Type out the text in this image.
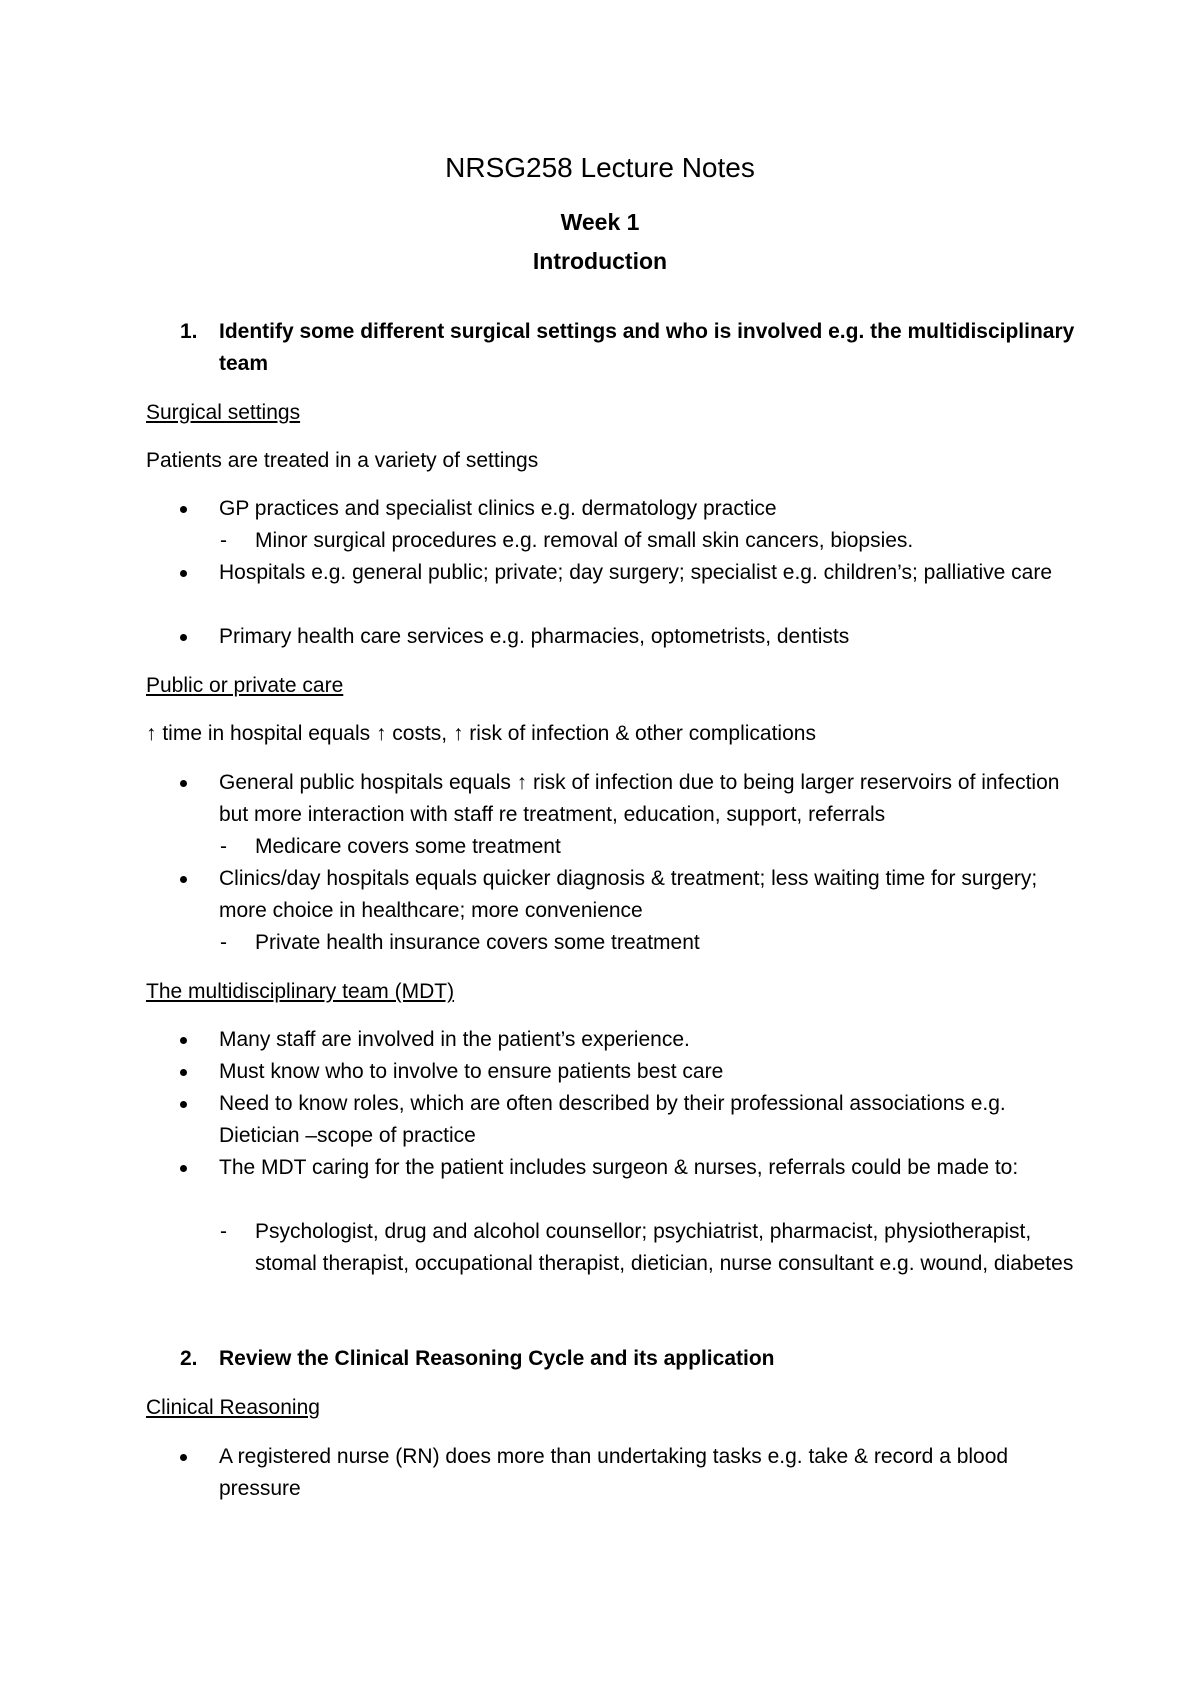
NRSG258 Lecture Notes
Week 1
Introduction
1. Identify some different surgical settings and who is involved e.g. the multidisciplinary team
Surgical settings
Patients are treated in a variety of settings
GP practices and specialist clinics e.g. dermatology practice
- Minor surgical procedures e.g. removal of small skin cancers, biopsies.
Hospitals e.g. general public; private; day surgery; specialist e.g. children’s; palliative care
Primary health care services e.g. pharmacies, optometrists, dentists
Public or private care
↑ time in hospital equals ↑ costs, ↑ risk of infection & other complications
General public hospitals equals ↑ risk of infection due to being larger reservoirs of infection but more interaction with staff re treatment, education, support, referrals
- Medicare covers some treatment
Clinics/day hospitals equals quicker diagnosis & treatment; less waiting time for surgery; more choice in healthcare; more convenience
- Private health insurance covers some treatment
The multidisciplinary team (MDT)
Many staff are involved in the patient’s experience.
Must know who to involve to ensure patients best care
Need to know roles, which are often described by their professional associations e.g. Dietician –scope of practice
The MDT caring for the patient includes surgeon & nurses, referrals could be made to:
- Psychologist, drug and alcohol counsellor; psychiatrist, pharmacist, physiotherapist, stomal therapist, occupational therapist, dietician, nurse consultant e.g. wound, diabetes
2. Review the Clinical Reasoning Cycle and its application
Clinical Reasoning
A registered nurse (RN) does more than undertaking tasks e.g. take & record a blood pressure
